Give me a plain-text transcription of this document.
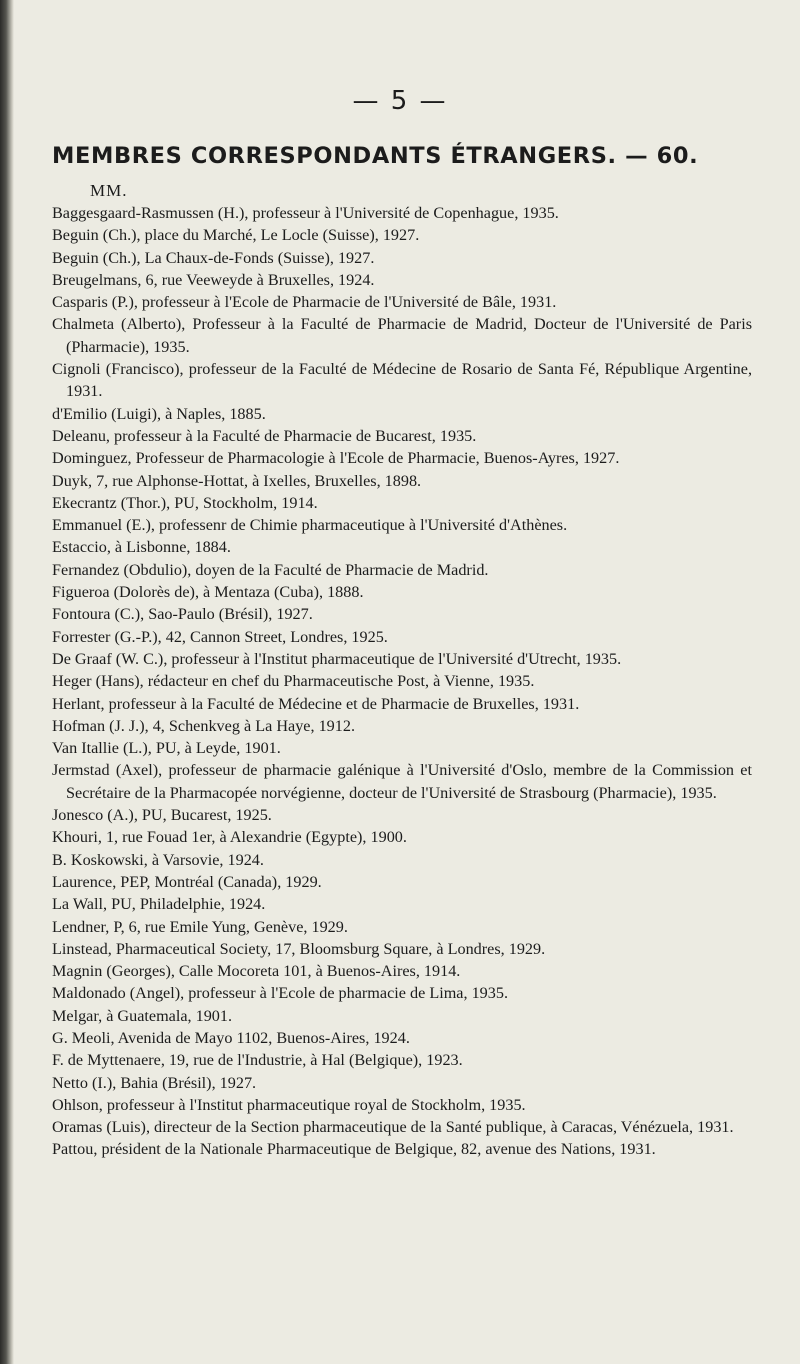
— 5 —
MEMBRES CORRESPONDANTS ÉTRANGERS. — 60.
MM.
Baggesgaard-Rasmussen (H.), professeur à l'Université de Copenhague, 1935.
Beguin (Ch.), place du Marché, Le Locle (Suisse), 1927.
Beguin (Ch.), La Chaux-de-Fonds (Suisse), 1927.
Breugelmans, 6, rue Veeweyde à Bruxelles, 1924.
Casparis (P.), professeur à l'Ecole de Pharmacie de l'Université de Bâle, 1931.
Chalmeta (Alberto), Professeur à la Faculté de Pharmacie de Madrid, Docteur de l'Université de Paris (Pharmacie), 1935.
Cignoli (Francisco), professeur de la Faculté de Médecine de Rosario de Santa Fé, République Argentine, 1931.
d'Emilio (Luigi), à Naples, 1885.
Deleanu, professeur à la Faculté de Pharmacie de Bucarest, 1935.
Dominguez, Professeur de Pharmacologie à l'Ecole de Pharmacie, Buenos-Ayres, 1927.
Duyk, 7, rue Alphonse-Hottat, à Ixelles, Bruxelles, 1898.
Ekecrantz (Thor.), PU, Stockholm, 1914.
Emmanuel (E.), professenr de Chimie pharmaceutique à l'Université d'Athènes.
Estaccio, à Lisbonne, 1884.
Fernandez (Obdulio), doyen de la Faculté de Pharmacie de Madrid.
Figueroa (Dolorès de), à Mentaza (Cuba), 1888.
Fontoura (C.), Sao-Paulo (Brésil), 1927.
Forrester (G.-P.), 42, Cannon Street, Londres, 1925.
De Graaf (W. C.), professeur à l'Institut pharmaceutique de l'Université d'Utrecht, 1935.
Heger (Hans), rédacteur en chef du Pharmaceutische Post, à Vienne, 1935.
Herlant, professeur à la Faculté de Médecine et de Pharmacie de Bruxelles, 1931.
Hofman (J. J.), 4, Schenkveg à La Haye, 1912.
Van Itallie (L.), PU, à Leyde, 1901.
Jermstad (Axel), professeur de pharmacie galénique à l'Université d'Oslo, membre de la Commission et Secrétaire de la Pharmacopée norvégienne, docteur de l'Université de Strasbourg (Pharmacie), 1935.
Jonesco (A.), PU, Bucarest, 1925.
Khouri, 1, rue Fouad 1er, à Alexandrie (Egypte), 1900.
B. Koskowski, à Varsovie, 1924.
Laurence, PEP, Montréal (Canada), 1929.
La Wall, PU, Philadelphie, 1924.
Lendner, P, 6, rue Emile Yung, Genève, 1929.
Linstead, Pharmaceutical Society, 17, Bloomsburg Square, à Londres, 1929.
Magnin (Georges), Calle Mocoreta 101, à Buenos-Aires, 1914.
Maldonado (Angel), professeur à l'Ecole de pharmacie de Lima, 1935.
Melgar, à Guatemala, 1901.
G. Meoli, Avenida de Mayo 1102, Buenos-Aires, 1924.
F. de Myttenaere, 19, rue de l'Industrie, à Hal (Belgique), 1923.
Netto (I.), Bahia (Brésil), 1927.
Ohlson, professeur à l'Institut pharmaceutique royal de Stockholm, 1935.
Oramas (Luis), directeur de la Section pharmaceutique de la Santé publique, à Caracas, Vénézuela, 1931.
Pattou, président de la Nationale Pharmaceutique de Belgique, 82, avenue des Nations, 1931.
